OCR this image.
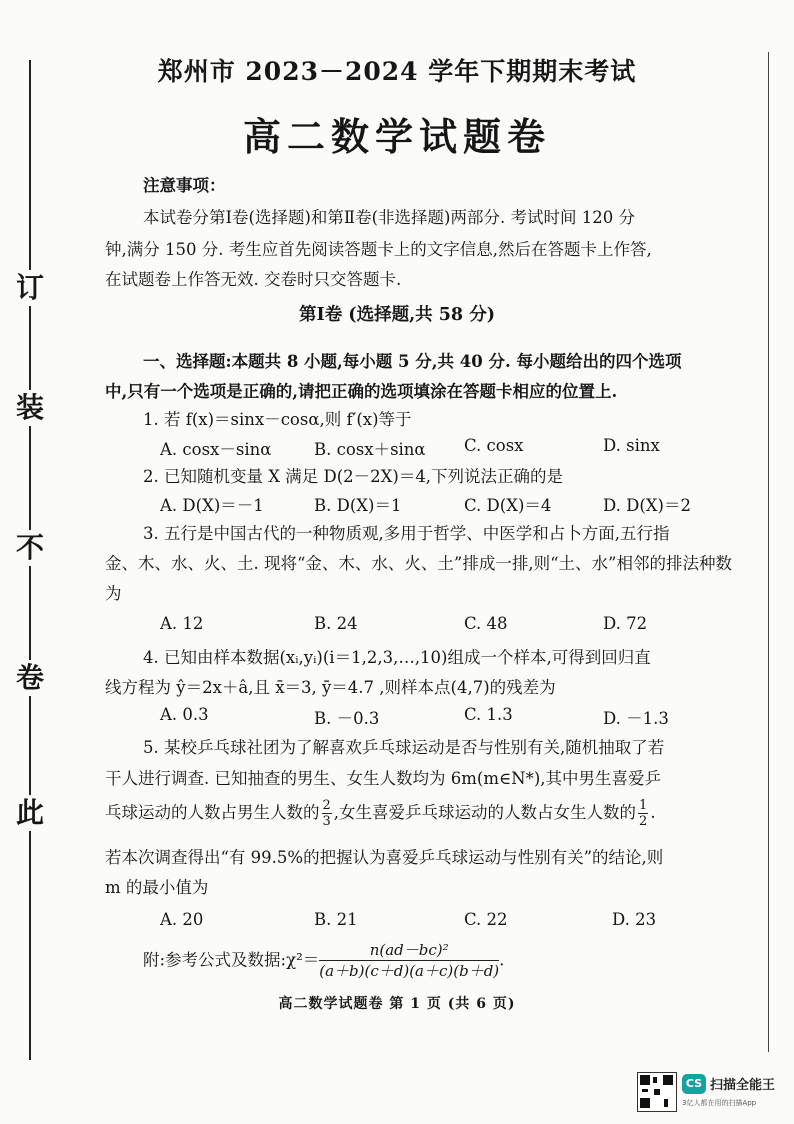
订
装
不
卷
此
郑州市 2023－2024 学年下期期末考试
高二数学试题卷
注意事项：
本试卷分第Ⅰ卷(选择题)和第Ⅱ卷(非选择题)两部分. 考试时间 120 分
钟,满分 150 分. 考生应首先阅读答题卡上的文字信息,然后在答题卡上作答,
在试题卷上作答无效. 交卷时只交答题卡.
第Ⅰ卷 (选择题,共 58 分)
一、选择题:本题共 8 小题,每小题 5 分,共 40 分. 每小题给出的四个选项
中,只有一个选项是正确的,请把正确的选项填涂在答题卡相应的位置上.
1. 若 f(x)＝sinx－cosα,则 f′(x)等于
A. cosx－sinα	B. cosx＋sinα C. cosx	D. sinx
2. 已知随机变量 X 满足 D(2－2X)＝4,下列说法正确的是
A. D(X)＝－1	B. D(X)＝1	C. D(X)＝4	D. D(X)＝2
3. 五行是中国古代的一种物质观,多用于哲学、中医学和占卜方面,五行指
金、木、水、火、土. 现将“金、木、水、火、土”排成一排,则“土、水”相邻的排法种数
为
A. 12	B. 24	C. 48	D. 72
4. 已知由样本数据(xᵢ,yᵢ)(i＝1,2,3,…,10)组成一个样本,可得到回归直
线方程为 ŷ＝2x＋â,且 x̄＝3, ȳ＝4.7 ,则样本点(4,7)的残差为
A. 0.3	B. －0.3	C. 1.3	D. －1.3
5. 某校乒乓球社团为了解喜欢乒乓球运动是否与性别有关,随机抽取了若
干人进行调查. 已知抽查的男生、女生人数均为 6m(m∈N*),其中男生喜爱乒
乓球运动的人数占男生人数的 $\frac{2}{3}$ ,女生喜爱乒乓球运动的人数占女生人数的 $\frac{1}{2}$ .
若本次调查得出“有 99.5%的把握认为喜爱乒乓球运动与性别有关”的结论,则
m 的最小值为
A. 20	B. 21	C. 22	D. 23
附:参考公式及数据:χ²＝ $\frac{\text{n(ad－bc)²}}{(a+b)(c+d)(a+c)(b+d)}$.
高二数学试题卷 第 1 页 (共 6 页)
CS 扫描全能王
3亿人都在用的扫描App
